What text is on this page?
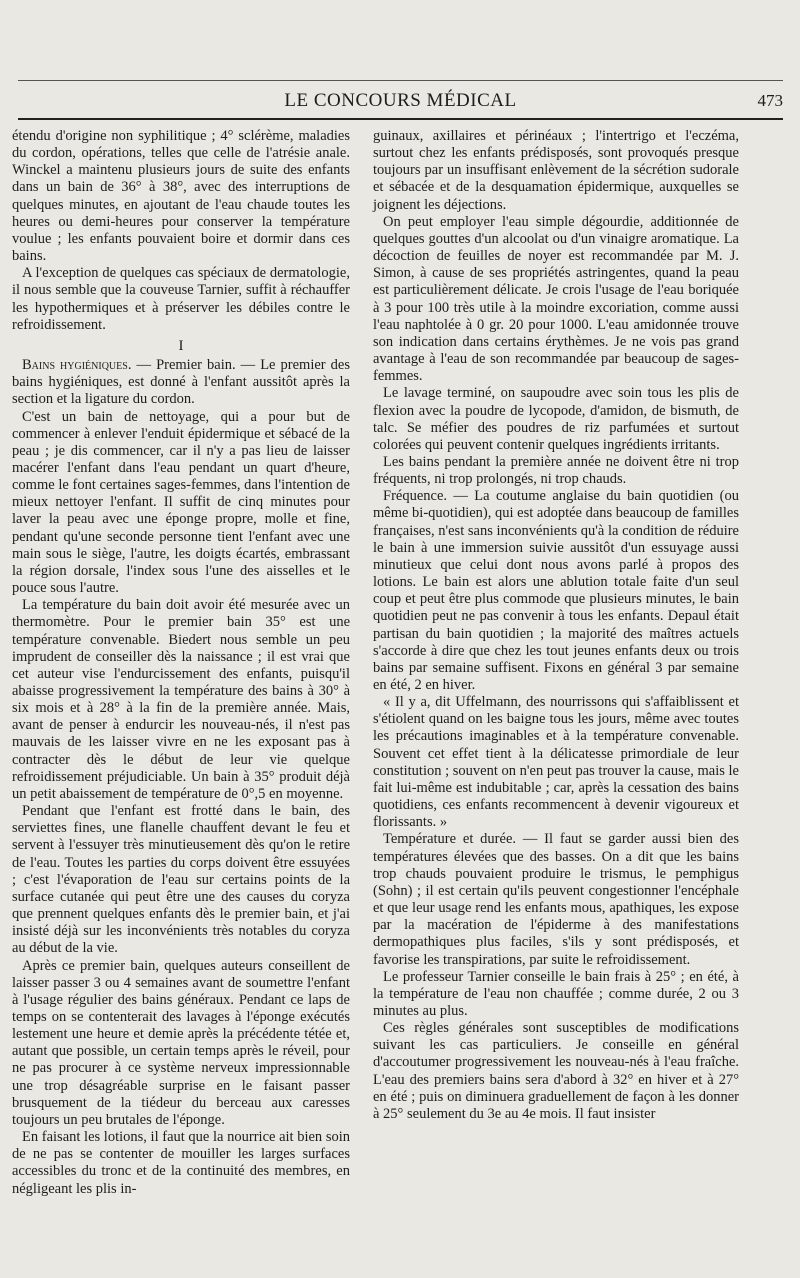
LE CONCOURS MÉDICAL	473

étendu d'origine non syphilitique ; 4° sclérème, maladies du cordon, opérations, telles que celle de l'atrésie anale. Winckel a maintenu plusieurs jours de suite des enfants dans un bain de 36° à 38°, avec des interruptions de quelques minutes, en ajoutant de l'eau chaude toutes les heures ou demi-heures pour conserver la température voulue ; les enfants pouvaient boire et dormir dans ces bains.

A l'exception de quelques cas spéciaux de dermatologie, il nous semble que la couveuse Tarnier, suffit à réchauffer les hypothermiques et à préserver les débiles contre le refroidissement.

I

Bains hygiéniques. — Premier bain. — Le premier des bains hygiéniques, est donné à l'enfant aussitôt après la section et la ligature du cordon.

C'est un bain de nettoyage, qui a pour but de commencer à enlever l'enduit épidermique et sébacé de la peau ; je dis commencer, car il n'y a pas lieu de laisser macérer l'enfant dans l'eau pendant un quart d'heure, comme le font certaines sages-femmes, dans l'intention de mieux nettoyer l'enfant. Il suffit de cinq minutes pour laver la peau avec une éponge propre, molle et fine, pendant qu'une seconde personne tient l'enfant avec une main sous le siège, l'autre, les doigts écartés, embrassant la région dorsale, l'index sous l'une des aisselles et le pouce sous l'autre.

La température du bain doit avoir été mesurée avec un thermomètre. Pour le premier bain 35° est une température convenable. Biedert nous semble un peu imprudent de conseiller dès la naissance ; il est vrai que cet auteur vise l'endurcissement des enfants, puisqu'il abaisse progressivement la température des bains à 30° à six mois et à 28° à la fin de la première année. Mais, avant de penser à endurcir les nouveau-nés, il n'est pas mauvais de les laisser vivre en ne les exposant pas à contracter dès le début de leur vie quelque refroidissement préjudiciable. Un bain à 35° produit déjà un petit abaissement de température de 0°,5 en moyenne.

Pendant que l'enfant est frotté dans le bain, des serviettes fines, une flanelle chauffent devant le feu et servent à l'essuyer très minutieusement dès qu'on le retire de l'eau. Toutes les parties du corps doivent être essuyées ; c'est l'évaporation de l'eau sur certains points de la surface cutanée qui peut être une des causes du coryza que prennent quelques enfants dès le premier bain, et j'ai insisté déjà sur les inconvénients très notables du coryza au début de la vie.

Après ce premier bain, quelques auteurs conseillent de laisser passer 3 ou 4 semaines avant de soumettre l'enfant à l'usage régulier des bains généraux. Pendant ce laps de temps on se contenterait des lavages à l'éponge exécutés lestement une heure et demie après la précédente tétée et, autant que possible, un certain temps après le réveil, pour ne pas procurer à ce système nerveux impressionnable une trop désagréable surprise en le faisant passer brusquement de la tiédeur du berceau aux caresses toujours un peu brutales de l'éponge.

En faisant les lotions, il faut que la nourrice ait bien soin de ne pas se contenter de mouiller les larges surfaces accessibles du tronc et de la continuité des membres, en négligeant les plis in-

guinaux, axillaires et périnéaux ; l'intertrigo et l'eczéma, surtout chez les enfants prédisposés, sont provoqués presque toujours par un insuffisant enlèvement de la sécrétion sudorale et sébacée et de la desquamation épidermique, auxquelles se joignent les déjections.

On peut employer l'eau simple dégourdie, additionnée de quelques gouttes d'un alcoolat ou d'un vinaigre aromatique. La décoction de feuilles de noyer est recommandée par M. J. Simon, à cause de ses propriétés astringentes, quand la peau est particulièrement délicate. Je crois l'usage de l'eau boriquée à 3 pour 100 très utile à la moindre excoriation, comme aussi l'eau naphtolée à 0 gr. 20 pour 1000. L'eau amidonnée trouve son indication dans certains érythèmes. Je ne vois pas grand avantage à l'eau de son recommandée par beaucoup de sages-femmes.

Le lavage terminé, on saupoudre avec soin tous les plis de flexion avec la poudre de lycopode, d'amidon, de bismuth, de talc. Se méfier des poudres de riz parfumées et surtout colorées qui peuvent contenir quelques ingrédients irritants.

Les bains pendant la première année ne doivent être ni trop fréquents, ni trop prolongés, ni trop chauds.

Fréquence. — La coutume anglaise du bain quotidien (ou même bi-quotidien), qui est adoptée dans beaucoup de familles françaises, n'est sans inconvénients qu'à la condition de réduire le bain à une immersion suivie aussitôt d'un essuyage aussi minutieux que celui dont nous avons parlé à propos des lotions. Le bain est alors une ablution totale faite d'un seul coup et peut être plus commode que plusieurs minutes, le bain quotidien peut ne pas convenir à tous les enfants. Depaul était partisan du bain quotidien ; la majorité des maîtres actuels s'accorde à dire que chez les tout jeunes enfants deux ou trois bains par semaine suffisent. Fixons en général 3 par semaine en été, 2 en hiver.

« Il y a, dit Uffelmann, des nourrissons qui s'affaiblissent et s'étiolent quand on les baigne tous les jours, même avec toutes les précautions imaginables et à la température convenable. Souvent cet effet tient à la délicatesse primordiale de leur constitution ; souvent on n'en peut pas trouver la cause, mais le fait lui-même est indubitable ; car, après la cessation des bains quotidiens, ces enfants recommencent à devenir vigoureux et florissants. »

Température et durée. — Il faut se garder aussi bien des températures élevées que des basses. On a dit que les bains trop chauds pouvaient produire le trismus, le pemphigus (Sohn) ; il est certain qu'ils peuvent congestionner l'encéphale et que leur usage rend les enfants mous, apathiques, les expose par la macération de l'épiderme à des manifestations dermopathiques plus faciles, s'ils y sont prédisposés, et favorise les transpirations, par suite le refroidissement.

Le professeur Tarnier conseille le bain frais à 25° ; en été, à la température de l'eau non chauffée ; comme durée, 2 ou 3 minutes au plus.

Ces règles générales sont susceptibles de modifications suivant les cas particuliers. Je conseille en général d'accoutumer progressivement les nouveau-nés à l'eau fraîche. L'eau des premiers bains sera d'abord à 32° en hiver et à 27° en été ; puis on diminuera graduellement de façon à les donner à 25° seulement du 3e au 4e mois. Il faut insister
